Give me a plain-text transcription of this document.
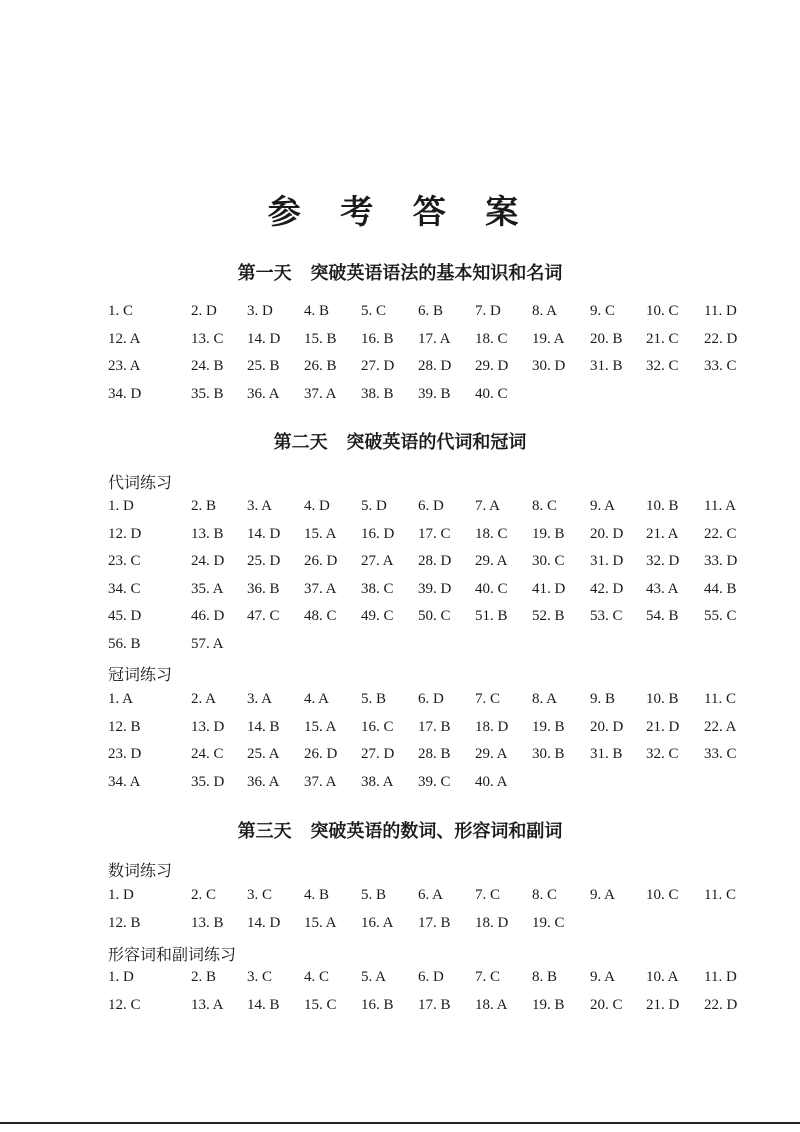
参 考 答 案
第一天   突破英语语法的基本知识和名词
1. C	2. D 3. D 4. B 5. C 6. B 7. D 8. A 9. C 10. C 11. D
12. A	13. C 14. D 15. B 16. B 17. A 18. C 19. A 20. B 21. C 22. D
23. A	24. B 25. B 26. B 27. D 28. D 29. D 30. D 31. B 32. C 33. C
34. D	35. B 36. A 37. A 38. B 39. B 40. C
第二天   突破英语的代词和冠词
代词练习
1. D	2. B 3. A 4. D 5. D 6. D 7. A 8. C 9. A 10. B 11. A
12. D	13. B 14. D 15. A 16. D 17. C 18. C 19. B 20. D 21. A 22. C
23. C	24. D 25. D 26. D 27. A 28. D 29. A 30. C 31. D 32. D 33. D
34. C	35. A 36. B 37. A 38. C 39. D 40. C 41. D 42. D 43. A 44. B
45. D	46. D 47. C 48. C 49. C 50. C 51. B 52. B 53. C 54. B 55. C
56. B	57. A
冠词练习
1. A	2. A 3. A 4. A 5. B 6. D 7. C 8. A 9. B 10. B 11. C
12. B	13. D 14. B 15. A 16. C 17. B 18. D 19. B 20. D 21. D 22. A
23. D	24. C 25. A 26. D 27. D 28. B 29. A 30. B 31. B 32. C 33. C
34. A	35. D 36. A 37. A 38. A 39. C 40. A
第三天   突破英语的数词、形容词和副词
数词练习
1. D	2. C 3. C 4. B 5. B 6. A 7. C 8. C 9. A 10. C 11. C
12. B	13. B 14. D 15. A 16. A 17. B 18. D 19. C
形容词和副词练习
1. D	2. B 3. C 4. C 5. A 6. D 7. C 8. B 9. A 10. A 11. D
12. C	13. A 14. B 15. C 16. B 17. B 18. A 19. B 20. C 21. D 22. D
